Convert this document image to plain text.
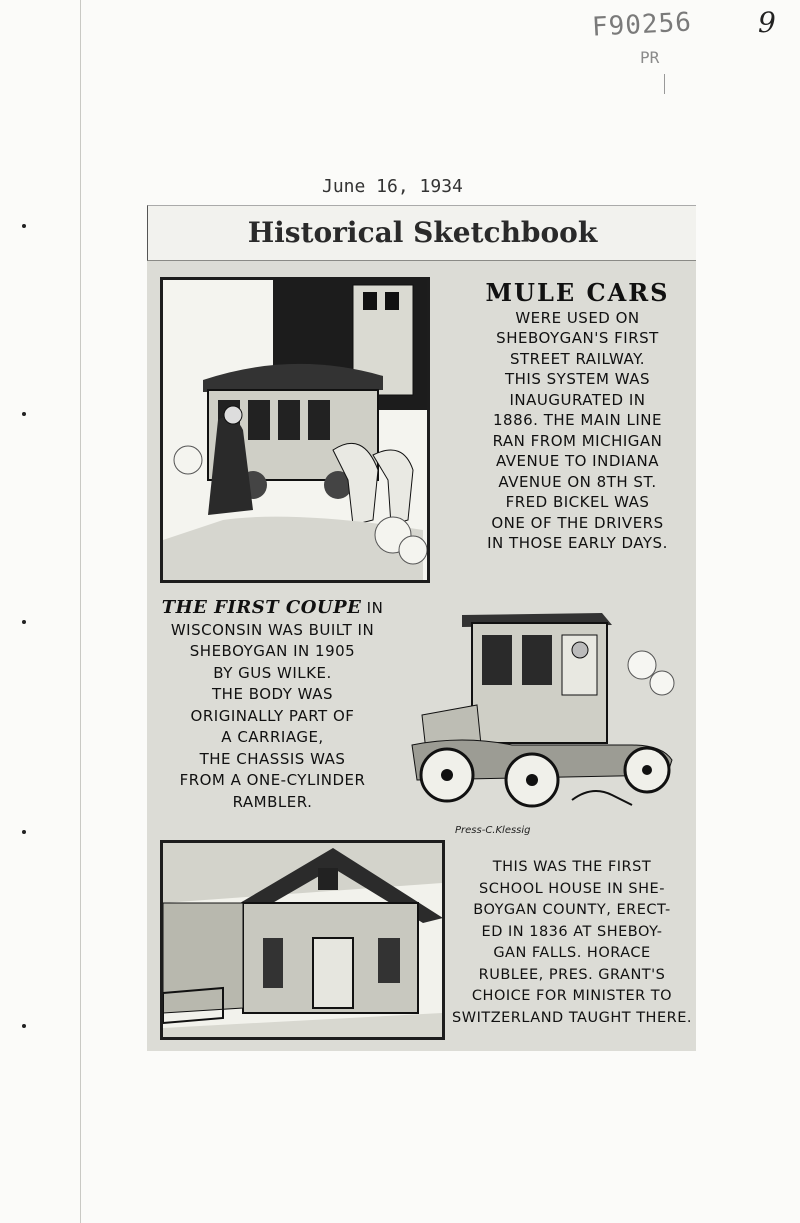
F90256
PR
9
June 16, 1934
Historical Sketchbook
MULE CARS
WERE USED ON
SHEBOYGAN'S FIRST
STREET RAILWAY.
THIS SYSTEM WAS
INAUGURATED IN
1886. THE MAIN LINE
RAN FROM MICHIGAN
AVENUE TO INDIANA
AVENUE ON 8TH ST.
FRED BICKEL WAS
ONE OF THE DRIVERS
IN THOSE EARLY DAYS.
THE FIRST COUPE IN
WISCONSIN WAS BUILT IN
SHEBOYGAN IN 1905
BY GUS WILKE.
THE BODY WAS
ORIGINALLY PART OF
A CARRIAGE,
THE CHASSIS WAS
FROM A ONE-CYLINDER
RAMBLER.
Press-C.Klessig
THIS WAS THE FIRST
SCHOOL HOUSE IN SHE-
BOYGAN COUNTY, ERECT-
ED IN 1836 AT SHEBOY-
GAN FALLS. HORACE
RUBLEE, PRES. GRANT'S
CHOICE FOR MINISTER TO
SWITZERLAND TAUGHT THERE.
